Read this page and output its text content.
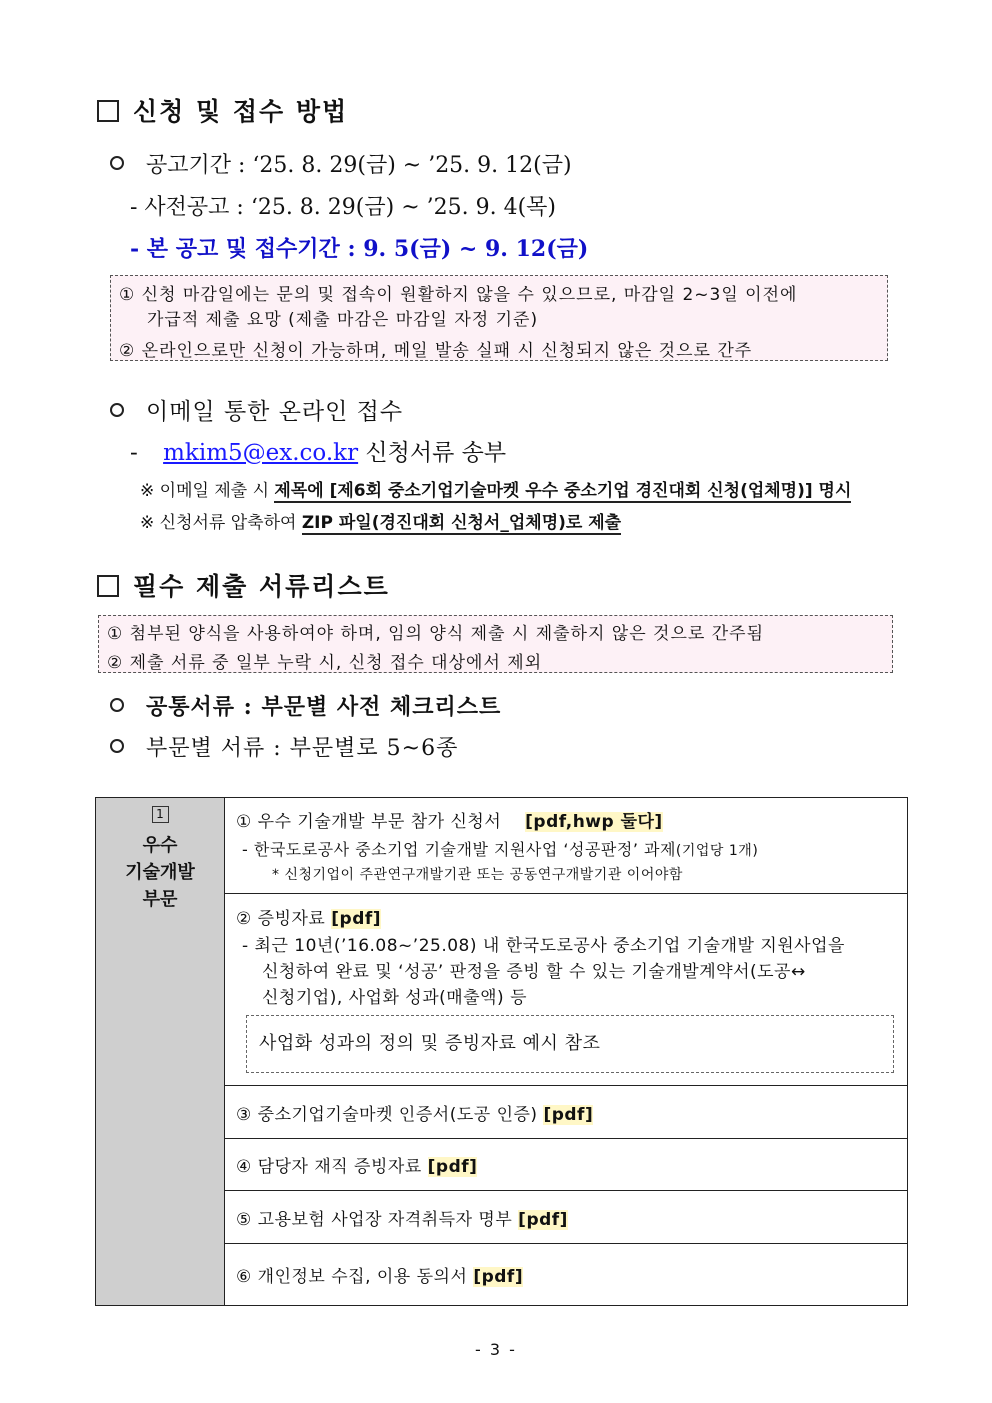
신청 및 접수 방법
공고기간 : ‘25. 8. 29(금) ~ ’25. 9. 12(금)
- 사전공고 : ‘25. 8. 29(금) ~ ’25. 9. 4(목)
- 본 공고 및 접수기간 : 9. 5(금) ~ 9. 12(금)
① 신청 마감일에는 문의 및 접속이 원활하지 않을 수 있으므로, 마감일 2~3일 이전에
가급적 제출 요망 (제출 마감은 마감일 자정 기준)
② 온라인으로만 신청이 가능하며, 메일 발송 실패 시 신청되지 않은 것으로 간주
이메일 통한 온라인 접수
- mkim5@ex.co.kr 신청서류 송부
※ 이메일 제출 시 제목에 [제6회 중소기업기술마켓 우수 중소기업 경진대회 신청(업체명)] 명시
※ 신청서류 압축하여 ZIP 파일(경진대회 신청서_업체명)로 제출
필수 제출 서류리스트
① 첨부된 양식을 사용하여야 하며, 임의 양식 제출 시 제출하지 않은 것으로 간주됨
② 제출 서류 중 일부 누락 시, 신청 접수 대상에서 제외
공통서류 : 부문별 사전 체크리스트
부문별 서류 : 부문별로 5~6종
1
우수
기술개발
부문

① 우수 기술개발 부문 참가 신청서 [pdf,hwp 둘다]
- 한국도로공사 중소기업 기술개발 지원사업 ‘성공판정’ 과제(기업당 1개)
* 신청기업이 주관연구개발기관 또는 공동연구개발기관 이어야함

② 증빙자료 [pdf]
- 최근 10년(’16.08~’25.08) 내 한국도로공사 중소기업 기술개발 지원사업을
신청하여 완료 및 ‘성공’ 판정을 증빙 할 수 있는 기술개발계약서(도공↔
신청기업), 사업화 성과(매출액) 등
사업화 성과의 정의 및 증빙자료 예시 참조

③ 중소기업기술마켓 인증서(도공 인증) [pdf]

④ 담당자 재직 증빙자료 [pdf]

⑤ 고용보험 사업장 자격취득자 명부 [pdf]

⑥ 개인정보 수집, 이용 동의서 [pdf]
- 3 -
